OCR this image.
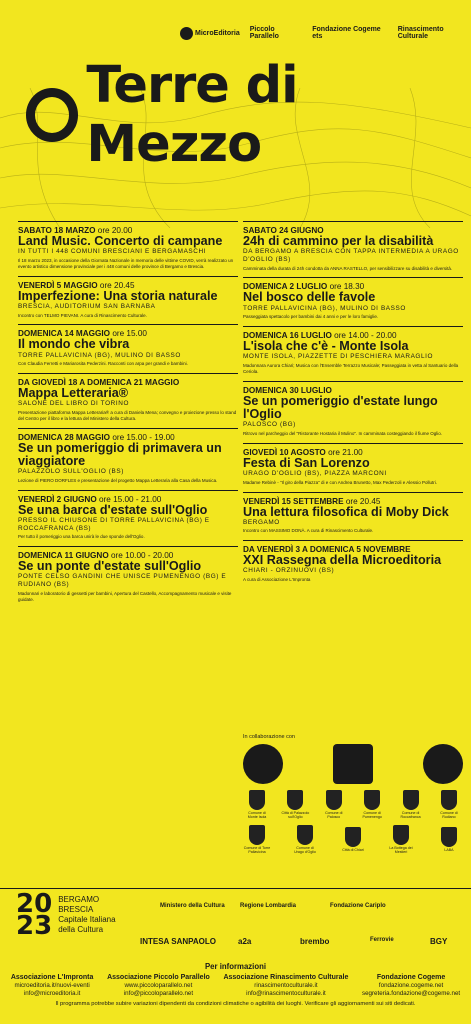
MicroEditoria Piccolo Parallelo
Fondazione Cogeme ets
Rinascimento Culturale
Terre di Mezzo
SABATO 18 MARZO ore 20.00
Land Music. Concerto di campane
IN TUTTI I 448 COMUNI BRESCIANI E BERGAMASCHI
Il 18 marzo 2023, in occasione della Giornata Nazionale in memoria delle vittime COVID, verrà realizzato un evento artistico dimensione provinciale per i 448 comuni delle province di Bergamo e Brescia.
VENERDÌ 5 MAGGIO ore 20.45
Imperfezione: Una storia naturale
BRESCIA, AUDITORIUM SAN BARNABA
Incontro con TELMO PIEVANI. A cura di Rinascimento Culturale.
DOMENICA 14 MAGGIO ore 15.00
Il mondo che vibra
TORRE PALLAVICINA (BG), MULINO DI BASSO
Con Claudia Ferretti e Mariarosita Pederzini. Racconti con arpa per grandi e bambini.
DA GIOVEDÌ 18 A DOMENICA 21 MAGGIO
Mappa Letteraria®
SALONE DEL LIBRO DI TORINO
Presentazione piattaforma Mappa Letteraria® a cura di Daniela Mena; convegno e proiezione presso lo stand del Centro per il libro e la lettura del Ministero della Cultura.
DOMENICA 28 MAGGIO ore 15.00 - 19.00
Se un pomeriggio di primavera un viaggiatore
PALAZZOLO SULL'OGLIO (BS)
Lezione di PIERO DORFLES e presentazione del progetto Mappa Letteraria alla Casa della Musica.
VENERDÌ 2 GIUGNO ore 15.00 - 21.00
Se una barca d'estate sull'Oglio
PRESSO IL CHIUSONE DI TORRE PALLAVICINA (BG) E ROCCAFRANCA (BS)
Per tutto il pomeriggio una barca unirà le due sponde dell'Oglio.
DOMENICA 11 GIUGNO ore 10.00 - 20.00
Se un ponte d'estate sull'Oglio
PONTE CELSO GANDINI CHE UNISCE PUMENENGO (BG) E RUDIANO (BS)
Madonnari e laboratorio di gessetti per bambini, Apertura del Castello, Accompagnamento musicale e visite guidate.
SABATO 24 GIUGNO
24h di cammino per la disabilità
DA BERGAMO A BRESCIA CON TAPPA INTERMEDIA A URAGO D'OGLIO (BS)
Camminata della durata di 24h condotta da ANNA RASTELLO, per sensibilizzare su disabilità e diversità.
DOMENICA 2 LUGLIO ore 18.30
Nel bosco delle favole
TORRE PALLAVICINA (BG), MULINO DI BASSO
Passeggiata spettacolo per bambini dai 4 anni e per le loro famiglie.
DOMENICA 16 LUGLIO ore 14.00 - 20.00
L'isola che c'è - Monte Isola
MONTE ISOLA, PIAZZETTE DI PESCHIERA MARAGLIO
Madonnara Aurora Chiari; Musica con l'Ensemble Terrazzo Musicale; Passeggiata in vetta al Santuario della Ceriola.
DOMENICA 30 LUGLIO
Se un pomeriggio d'estate lungo l'Oglio
PALOSCO (BG)
Ritrovo nel parcheggio del "Ristorante Hostaria il Mulino". In camminata costeggiando il fiume Oglio.
GIOVEDÌ 10 AGOSTO ore 21.00
Festa di San Lorenzo
URAGO D'OGLIO (BS), PIAZZA MARCONI
Madame Rebinè - "Il giro della Piazza" di e con Andrea Brunetto, Max Pederzoli e Alessio Pollutri.
VENERDÌ 15 SETTEMBRE ore 20.45
Una lettura filosofica di Moby Dick
BERGAMO
Incontro con MASSIMO DONÀ. A cura di Rinascimento Culturale.
DA VENERDÌ 3 A DOMENICA 5 NOVEMBRE
XXI Rassegna della Microeditoria
CHIARI - ORZINUOVI (BS)
A cura di Associazione L'Impronta
In collaborazione con
Comune di Monte Isola
Città di Palazzolo sull'Oglio
Comune di Palosco
Comune di Pumenengo
Comune di Roccafranca
Comune di Rudiano
Comune di Torre Pallavicina
Comune di Urago d'Oglio	Città di Chiari	La Bottega dei Mestieri	LABA
20
23
BERGAMO
BRESCIA
Capitale Italiana
della Cultura
Ministero della Cultura	Regione Lombardia	Fondazione Cariplo
INTESA SANPAOLO	a2a	brembo	Ferrovie	BGY
Per informazioni
Associazione L'Impronta
microeditoria.it/nuovi-eventi
info@microeditoria.it
Associazione Piccolo Parallelo
www.piccoloparallelo.net
info@piccoloparallelo.net
Associazione Rinascimento Culturale
rinascimentoculturale.it
info@rinascimentoculturale.it
Fondazione Cogeme
fondazione.cogeme.net
segreteria.fondazione@cogeme.net
Il programma potrebbe subire variazioni dipendenti da condizioni climatiche o agibilità dei luoghi. Verificare gli aggiornamenti sui siti dedicati.
